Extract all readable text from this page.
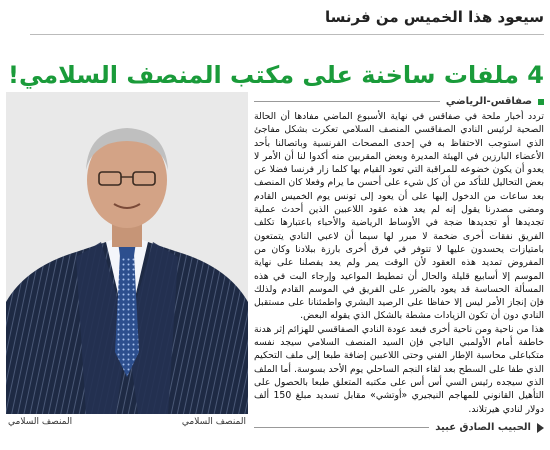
سيعود هذا الخميس من فرنسا
4 ملفات ساخنة على مكتب المنصف السلامي!
المنصف السلامي
المنصف السلامي
صفاقس-الرياضي

تردد أخبار ملحة في صفاقس في نهاية الأسبوع الماضي مفادها أن الحالة الصحية لرئيس النادي الصفاقسي المنصف السلامي تعكرت بشكل مفاجئ الذي استوجب الاحتفاظ به في إحدى المصحات الفرنسية وباتصالنا بأحد الأعضاء البارزين في الهيئة المديرة وبعض المقربين منه أكدوا لنا أن الأمر لا يعدو أن يكون خضوعه للمراقبة التي تعود القيام بها كلما زار فرنسا فضلا عن بعض التحاليل للتأكد من أن كل شيء على أحسن ما يرام وفعلا كان المنصف بعد ساعات من الدخول إليها على أن يعود إلى تونس يوم الخميس القادم ومضى مصدرنا يقول إنه لم يعد هذه عقود اللاعبين الذين أحدث عملية تجديدها أو تجديدها ضجة في الأوساط الرياضية والأحباء باعتبارها تكلف الفريق نفقات أخرى ضخمة لا مبرر لها سيما أن لاعبي النادي يتمتعون بامتيازات يحسدون عليها لا تتوفر في فرق أخرى بارزة ببلادنا وكان من المفروض تمديد هذه العقود لأن الوقت يمر ولم يعد يفصلنا على نهاية الموسم إلا أسابيع قليلة والحال أن تمطيط المواعيد وإرجاء البت في هذه المسألة الحساسة قد يعود بالضرر على الفريق في الموسم القادم ولذلك فإن إنجاز الأمر ليس إلا حفاظا على الرصيد البشري واطمئنانا على مستقبل النادي دون أن تكون الزيادات مشطة بالشكل الذي يقوله البعض.

هذا من ناحية ومن ناحية أخرى فبعد عودة النادي الصفاقسي للهزائم إثر هدنة خاطفة أمام الأولمبي الباجي فإن السيد المنصف السلامي سيجد نفسه متكباعلى محاسبة الإطار الفني وحتى اللاعبين إضافة طبعا إلى ملف التحكيم الذي طفا على السطح بعد لقاء النجم الساحلي يوم الأحد بسوسة. أما الملف الذي سيجده رئيس السي أس أس على مكتبه المتعلق طبعا بالحصول على التأهيل القانوني للمهاجم النيجيري «أوتشي» مقابل تسديد مبلغ 150 ألف دولار لنادي هيرتلاند.

الحبيب الصادق عبيد
